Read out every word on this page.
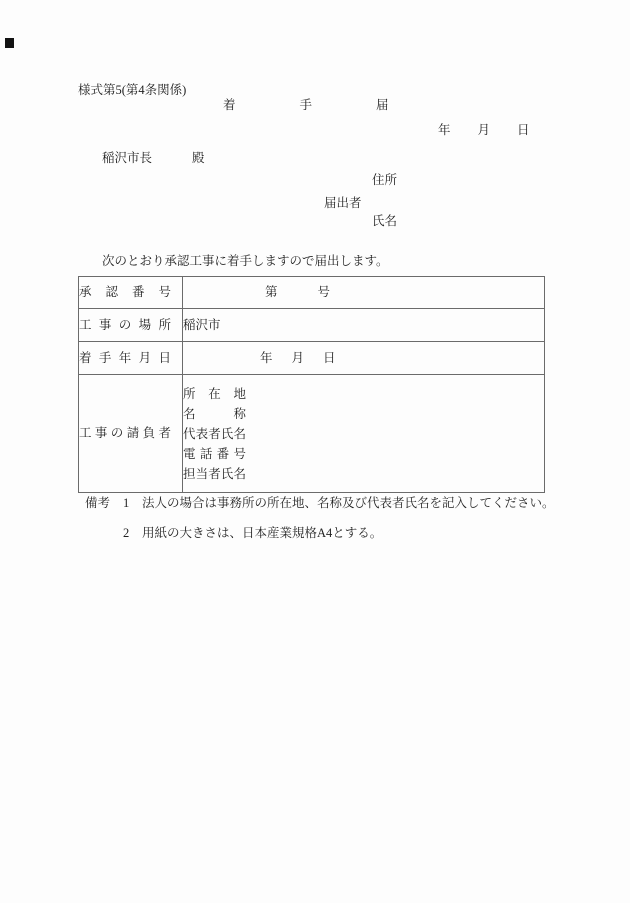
様式第5(第4条関係)
着手届
年月日
稲沢市長	殿
住所
届出者
氏名
次のとおり承認工事に着手しますので届出します。
承認番号	第 号
工事の場所	稲沢市
着手年月日	年月日
工事の請負者	所在地
名称
代表者氏名
電話番号
担当者氏名
備考 1 法人の場合は事務所の所在地、名称及び代表者氏名を記入してください。
2 用紙の大きさは、日本産業規格A4とする。
